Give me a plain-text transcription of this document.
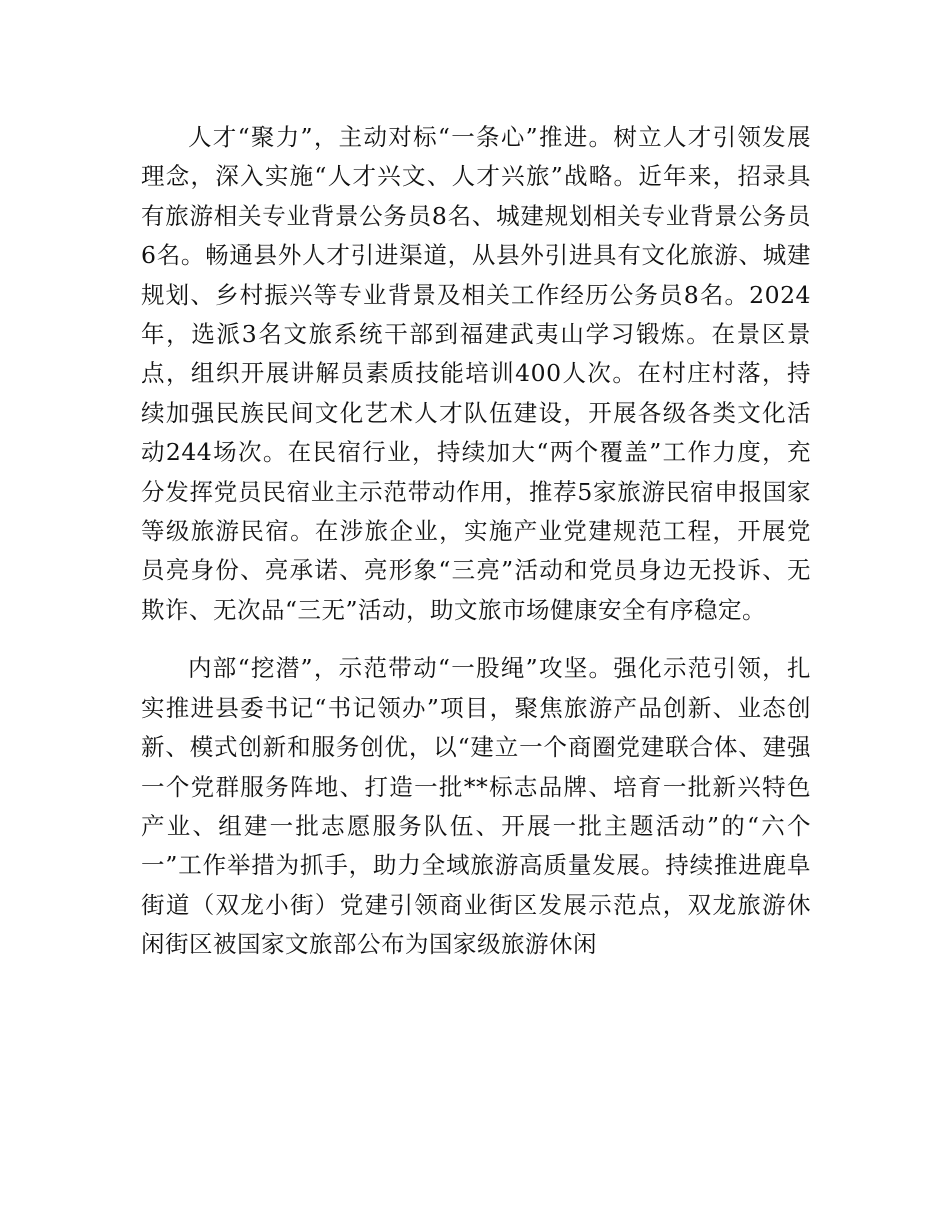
人才“聚力”，主动对标“一条心”推进。树立人才引领发展理念，深入实施“人才兴文、人才兴旅”战略。近年来，招录具有旅游相关专业背景公务员8名、城建规划相关专业背景公务员6名。畅通县外人才引进渠道，从县外引进具有文化旅游、城建规划、乡村振兴等专业背景及相关工作经历公务员8名。2024年，选派3名文旅系统干部到福建武夷山学习锻炼。在景区景点，组织开展讲解员素质技能培训400人次。在村庄村落，持续加强民族民间文化艺术人才队伍建设，开展各级各类文化活动244场次。在民宿行业，持续加大“两个覆盖”工作力度，充分发挥党员民宿业主示范带动作用，推荐5家旅游民宿申报国家等级旅游民宿。在涉旅企业，实施产业党建规范工程，开展党员亮身份、亮承诺、亮形象“三亮”活动和党员身边无投诉、无欺诈、无次品“三无”活动，助文旅市场健康安全有序稳定。

内部“挖潜”，示范带动“一股绳”攻坚。强化示范引领，扎实推进县委书记“书记领办”项目，聚焦旅游产品创新、业态创新、模式创新和服务创优，以“建立一个商圈党建联合体、建强一个党群服务阵地、打造一批**标志品牌、培育一批新兴特色产业、组建一批志愿服务队伍、开展一批主题活动”的“六个一”工作举措为抓手，助力全域旅游高质量发展。持续推进鹿阜街道（双龙小街）党建引领商业街区发展示范点，双龙旅游休闲街区被国家文旅部公布为国家级旅游休闲
